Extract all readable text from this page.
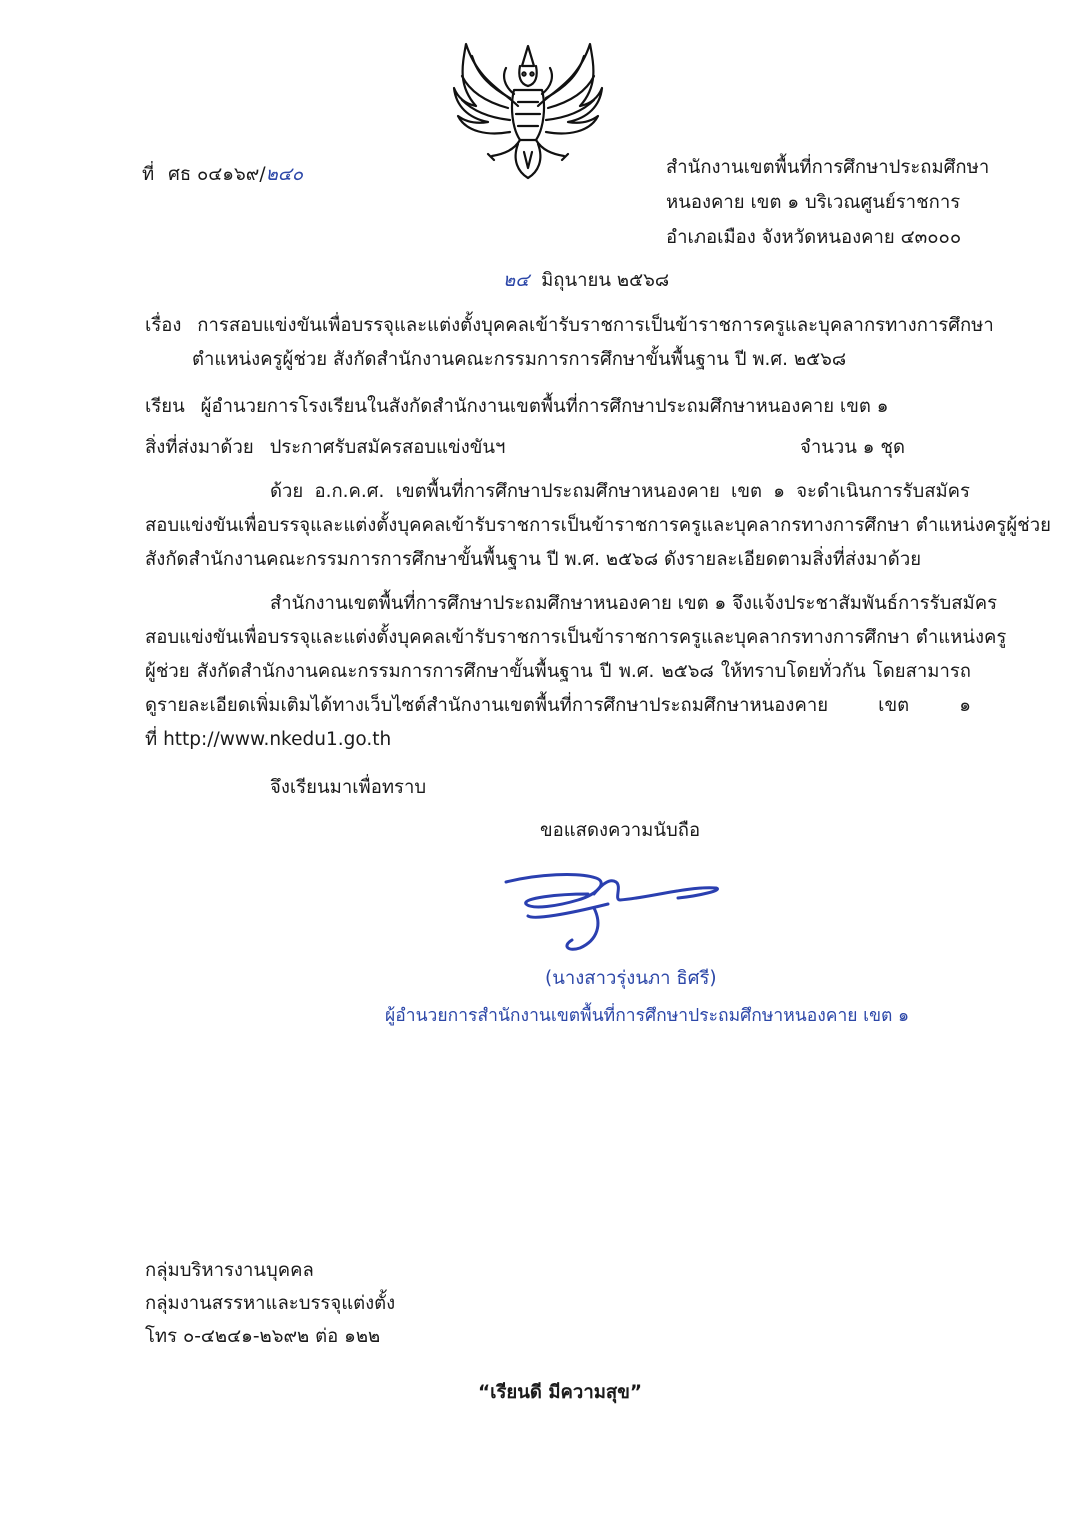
ที่ ศธ ๐๔๑๖๙/๒๔๐	สำนักงานเขตพื้นที่การศึกษาประถมศึกษา
หนองคาย เขต ๑ บริเวณศูนย์ราชการ
อำเภอเมือง จังหวัดหนองคาย ๔๓๐๐๐
๒๔ มิถุนายน ๒๕๖๘
เรื่อง การสอบแข่งขันเพื่อบรรจุและแต่งตั้งบุคคลเข้ารับราชการเป็นข้าราชการครูและบุคลากรทางการศึกษา
ตำแหน่งครูผู้ช่วย สังกัดสำนักงานคณะกรรมการการศึกษาขั้นพื้นฐาน ปี พ.ศ. ๒๕๖๘
เรียน ผู้อำนวยการโรงเรียนในสังกัดสำนักงานเขตพื้นที่การศึกษาประถมศึกษาหนองคาย เขต ๑
สิ่งที่ส่งมาด้วย ประกาศรับสมัครสอบแข่งขันฯ	จำนวน ๑ ชุด
ด้วย อ.ก.ค.ศ. เขตพื้นที่การศึกษาประถมศึกษาหนองคาย เขต ๑ จะดำเนินการรับสมัคร
สอบแข่งขันเพื่อบรรจุและแต่งตั้งบุคคลเข้ารับราชการเป็นข้าราชการครูและบุคลากรทางการศึกษา ตำแหน่งครูผู้ช่วย
สังกัดสำนักงานคณะกรรมการการศึกษาขั้นพื้นฐาน ปี พ.ศ. ๒๕๖๘ ดังรายละเอียดตามสิ่งที่ส่งมาด้วย
สำนักงานเขตพื้นที่การศึกษาประถมศึกษาหนองคาย เขต ๑ จึงแจ้งประชาสัมพันธ์การรับสมัคร
สอบแข่งขันเพื่อบรรจุและแต่งตั้งบุคคลเข้ารับราชการเป็นข้าราชการครูและบุคลากรทางการศึกษา ตำแหน่งครู
ผู้ช่วย สังกัดสำนักงานคณะกรรมการการศึกษาขั้นพื้นฐาน ปี พ.ศ. ๒๕๖๘ ให้ทราบโดยทั่วกัน โดยสามารถ
ดูรายละเอียดเพิ่มเติมได้ทางเว็บไซต์สำนักงานเขตพื้นที่การศึกษาประถมศึกษาหนองคาย เขต ๑
ที่ http://www.nkedu1.go.th
จึงเรียนมาเพื่อทราบ
ขอแสดงความนับถือ
(นางสาวรุ่งนภา ธิศรี)
ผู้อำนวยการสำนักงานเขตพื้นที่การศึกษาประถมศึกษาหนองคาย เขต ๑
กลุ่มบริหารงานบุคคล
กลุ่มงานสรรหาและบรรจุแต่งตั้ง
โทร ๐-๔๒๔๑-๒๖๙๒ ต่อ ๑๒๒
“เรียนดี มีความสุข”
